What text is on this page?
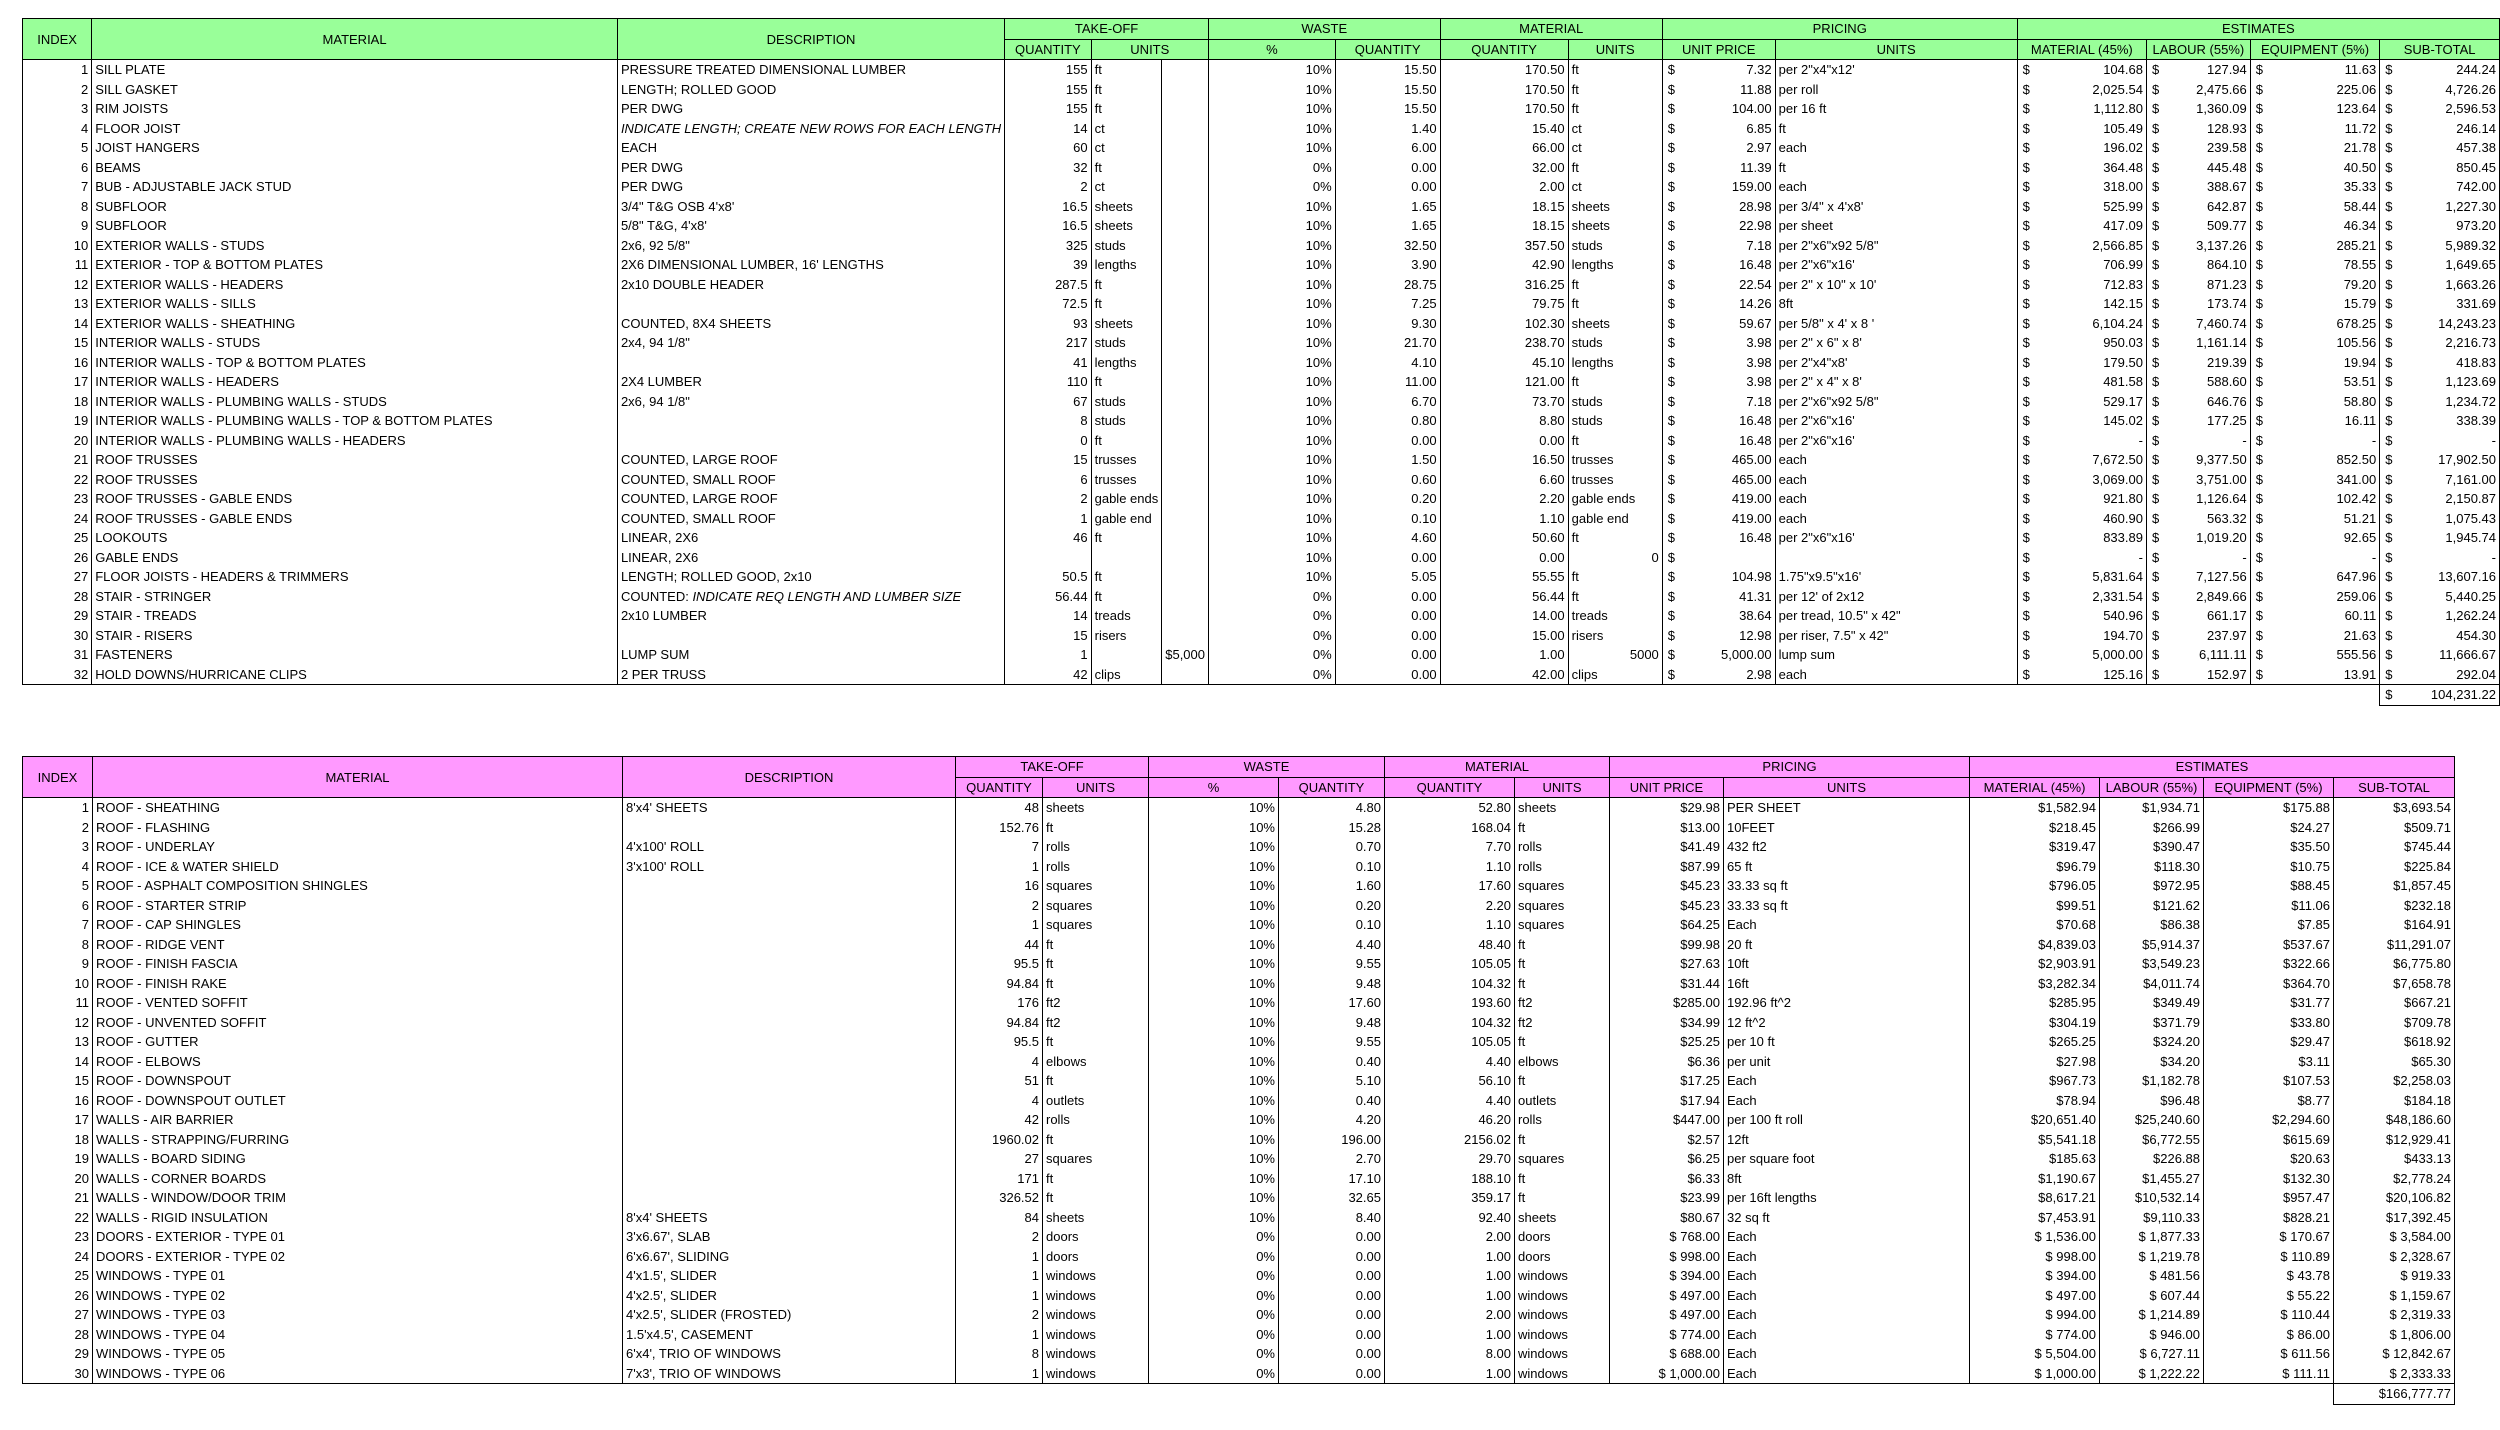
INDEX	MATERIAL	DESCRIPTION	TAKE-OFF			WASTE		MATERIAL		PRICING		ESTIMATES			
			QUANTITY	UNITS		%	QUANTITY	QUANTITY	UNITS	UNIT PRICE	UNITS	MATERIAL (45%)	LABOUR (55%)	EQUIPMENT (5%)	SUB-TOTAL
1	SILL PLATE	PRESSURE TREATED DIMENSIONAL LUMBER	155	ft		10%	15.50	170.50	ft	$ 7.32	per 2"x4"x12'	$ 104.68	$ 127.94	$ 11.63	$ 244.24

2	SILL GASKET	LENGTH; ROLLED GOOD	155	ft		10%	15.50	170.50	ft	$ 11.88	per roll	$ 2,025.54	$ 2,475.66	$ 225.06	$ 4,726.26

3	RIM JOISTS	PER DWG	155	ft		10%	15.50	170.50	ft	$ 104.00	per 16 ft	$ 1,112.80	$ 1,360.09	$ 123.64	$ 2,596.53

4	FLOOR JOIST	INDICATE LENGTH; CREATE NEW ROWS FOR EACH LENGTH	14	ct		10%	1.40	15.40	ct	$ 6.85	ft	$ 105.49	$ 128.93	$ 11.72	$ 246.14

5	JOIST HANGERS	EACH	60	ct		10%	6.00	66.00	ct	$ 2.97	each	$ 196.02	$ 239.58	$ 21.78	$ 457.38

6	BEAMS	PER DWG	32	ft		0%	0.00	32.00	ft	$ 11.39	ft	$ 364.48	$ 445.48	$ 40.50	$ 850.45

7	BUB - ADJUSTABLE JACK STUD	PER DWG	2	ct		0%	0.00	2.00	ct	$ 159.00	each	$ 318.00	$ 388.67	$ 35.33	$ 742.00

8	SUBFLOOR	3/4" T&G OSB 4'x8'	16.5	sheets		10%	1.65	18.15	sheets	$ 28.98	per 3/4" x 4'x8'	$ 525.99	$ 642.87	$ 58.44	$ 1,227.30

9	SUBFLOOR	5/8" T&G, 4'x8'	16.5	sheets		10%	1.65	18.15	sheets	$ 22.98	per sheet	$ 417.09	$ 509.77	$ 46.34	$ 973.20

10	EXTERIOR WALLS - STUDS	2x6, 92 5/8"	325	studs		10%	32.50	357.50	studs	$ 7.18	per 2"x6"x92 5/8"	$ 2,566.85	$ 3,137.26	$ 285.21	$ 5,989.32

11	EXTERIOR - TOP & BOTTOM PLATES	2X6 DIMENSIONAL LUMBER, 16' LENGTHS	39	lengths		10%	3.90	42.90	lengths	$ 16.48	per 2"x6"x16'	$ 706.99	$ 864.10	$ 78.55	$ 1,649.65

12	EXTERIOR WALLS - HEADERS	2x10 DOUBLE HEADER	287.5	ft		10%	28.75	316.25	ft	$ 22.54	per 2" x 10" x 10'	$ 712.83	$ 871.23	$ 79.20	$ 1,663.26

13	EXTERIOR WALLS - SILLS		72.5	ft		10%	7.25	79.75	ft	$ 14.26	8ft	$ 142.15	$ 173.74	$ 15.79	$ 331.69

14	EXTERIOR WALLS - SHEATHING	COUNTED, 8X4 SHEETS	93	sheets		10%	9.30	102.30	sheets	$ 59.67	per 5/8" x 4' x 8 '	$ 6,104.24	$ 7,460.74	$ 678.25	$ 14,243.23

15	INTERIOR WALLS - STUDS	2x4, 94 1/8"	217	studs		10%	21.70	238.70	studs	$ 3.98	per 2" x 6" x 8'	$ 950.03	$ 1,161.14	$ 105.56	$ 2,216.73

16	INTERIOR WALLS - TOP & BOTTOM PLATES		41	lengths		10%	4.10	45.10	lengths	$ 3.98	per 2"x4"x8'	$ 179.50	$ 219.39	$ 19.94	$ 418.83

17	INTERIOR WALLS - HEADERS	2X4 LUMBER	110	ft		10%	11.00	121.00	ft	$ 3.98	per 2" x 4" x 8'	$ 481.58	$ 588.60	$ 53.51	$ 1,123.69

18	INTERIOR WALLS - PLUMBING WALLS - STUDS	2x6, 94 1/8"	67	studs		10%	6.70	73.70	studs	$ 7.18	per 2"x6"x92 5/8"	$ 529.17	$ 646.76	$ 58.80	$ 1,234.72

19	INTERIOR WALLS - PLUMBING WALLS - TOP & BOTTOM PLATES		8	studs		10%	0.80	8.80	studs	$ 16.48	per 2"x6"x16'	$ 145.02	$ 177.25	$ 16.11	$ 338.39

20	INTERIOR WALLS - PLUMBING WALLS - HEADERS		0	ft		10%	0.00	0.00	ft	$ 16.48	per 2"x6"x16'	$ -	$ -	$ -	$ -

21	ROOF TRUSSES	COUNTED, LARGE ROOF	15	trusses		10%	1.50	16.50	trusses	$ 465.00	each	$ 7,672.50	$ 9,377.50	$ 852.50	$ 17,902.50

22	ROOF TRUSSES	COUNTED, SMALL ROOF	6	trusses		10%	0.60	6.60	trusses	$ 465.00	each	$ 3,069.00	$ 3,751.00	$ 341.00	$ 7,161.00

23	ROOF TRUSSES - GABLE ENDS	COUNTED, LARGE ROOF	2	gable ends		10%	0.20	2.20	gable ends	$ 419.00	each	$ 921.80	$ 1,126.64	$ 102.42	$ 2,150.87

24	ROOF TRUSSES - GABLE ENDS	COUNTED, SMALL ROOF	1	gable end		10%	0.10	1.10	gable end	$ 419.00	each	$ 460.90	$ 563.32	$ 51.21	$ 1,075.43

25	LOOKOUTS	LINEAR, 2X6	46	ft		10%	4.60	50.60	ft	$ 16.48	per 2"x6"x16'	$ 833.89	$ 1,019.20	$ 92.65	$ 1,945.74

26	GABLE ENDS	LINEAR, 2X6				10%	0.00	0.00	0	$		$ -	$ -	$ -	$ -

27	FLOOR JOISTS - HEADERS & TRIMMERS	LENGTH; ROLLED GOOD, 2x10	50.5	ft		10%	5.05	55.55	ft	$ 104.98	1.75"x9.5"x16'	$ 5,831.64	$ 7,127.56	$ 647.96	$ 13,607.16

28	STAIR - STRINGER	COUNTED: INDICATE REQ LENGTH AND LUMBER SIZE	56.44	ft		0%	0.00	56.44	ft	$ 41.31	per 12' of 2x12	$ 2,331.54	$ 2,849.66	$ 259.06	$ 5,440.25

29	STAIR - TREADS	2x10 LUMBER	14	treads		0%	0.00	14.00	treads	$ 38.64	per tread, 10.5" x 42"	$ 540.96	$ 661.17	$ 60.11	$ 1,262.24

30	STAIR - RISERS		15	risers		0%	0.00	15.00	risers	$ 12.98	per riser, 7.5" x 42"	$ 194.70	$ 237.97	$ 21.63	$ 454.30

31	FASTENERS	LUMP SUM	1		$5,000	0%	0.00	1.00	5000	$ 5,000.00	lump sum	$ 5,000.00	$ 6,111.11	$ 555.56	$ 11,666.67

32	HOLD DOWNS/HURRICANE CLIPS	2 PER TRUSS	42	clips		0%	0.00	42.00	clips	$ 2.98	each	$ 125.16	$ 152.97	$ 13.91	$ 292.04

															$ 104,231.22
INDEX	MATERIAL	DESCRIPTION	TAKE-OFF		WASTE		MATERIAL		PRICING		ESTIMATES			
			QUANTITY	UNITS	%	QUANTITY	QUANTITY	UNITS	UNIT PRICE	UNITS	MATERIAL (45%)	LABOUR (55%)	EQUIPMENT (5%)	SUB-TOTAL
1	ROOF - SHEATHING	8'x4' SHEETS	48	sheets	10%	4.80	52.80	sheets	$29.98	PER SHEET	$1,582.94	$1,934.71	$175.88	$3,693.54
2	ROOF - FLASHING		152.76	ft	10%	15.28	168.04	ft	$13.00	10FEET	$218.45	$266.99	$24.27	$509.71
3	ROOF - UNDERLAY	4'x100' ROLL	7	rolls	10%	0.70	7.70	rolls	$41.49	432 ft2	$319.47	$390.47	$35.50	$745.44
4	ROOF - ICE & WATER SHIELD	3'x100' ROLL	1	rolls	10%	0.10	1.10	rolls	$87.99	65 ft	$96.79	$118.30	$10.75	$225.84
5	ROOF - ASPHALT COMPOSITION SHINGLES		16	squares	10%	1.60	17.60	squares	$45.23	33.33 sq ft	$796.05	$972.95	$88.45	$1,857.45
6	ROOF - STARTER STRIP		2	squares	10%	0.20	2.20	squares	$45.23	33.33 sq ft	$99.51	$121.62	$11.06	$232.18
7	ROOF - CAP SHINGLES		1	squares	10%	0.10	1.10	squares	$64.25	Each	$70.68	$86.38	$7.85	$164.91
8	ROOF - RIDGE VENT		44	ft	10%	4.40	48.40	ft	$99.98	20 ft	$4,839.03	$5,914.37	$537.67	$11,291.07
9	ROOF - FINISH FASCIA		95.5	ft	10%	9.55	105.05	ft	$27.63	10ft	$2,903.91	$3,549.23	$322.66	$6,775.80
10	ROOF - FINISH RAKE		94.84	ft	10%	9.48	104.32	ft	$31.44	16ft	$3,282.34	$4,011.74	$364.70	$7,658.78
11	ROOF - VENTED SOFFIT		176	ft2	10%	17.60	193.60	ft2	$285.00	192.96 ft^2	$285.95	$349.49	$31.77	$667.21
12	ROOF - UNVENTED SOFFIT		94.84	ft2	10%	9.48	104.32	ft2	$34.99	12 ft^2	$304.19	$371.79	$33.80	$709.78
13	ROOF - GUTTER		95.5	ft	10%	9.55	105.05	ft	$25.25	per 10 ft	$265.25	$324.20	$29.47	$618.92
14	ROOF - ELBOWS		4	elbows	10%	0.40	4.40	elbows	$6.36	per unit	$27.98	$34.20	$3.11	$65.30
15	ROOF - DOWNSPOUT		51	ft	10%	5.10	56.10	ft	$17.25	Each	$967.73	$1,182.78	$107.53	$2,258.03
16	ROOF - DOWNSPOUT OUTLET		4	outlets	10%	0.40	4.40	outlets	$17.94	Each	$78.94	$96.48	$8.77	$184.18
17	WALLS - AIR BARRIER		42	rolls	10%	4.20	46.20	rolls	$447.00	per 100 ft roll	$20,651.40	$25,240.60	$2,294.60	$48,186.60
18	WALLS - STRAPPING/FURRING		1960.02	ft	10%	196.00	2156.02	ft	$2.57	12ft	$5,541.18	$6,772.55	$615.69	$12,929.41
19	WALLS - BOARD SIDING		27	squares	10%	2.70	29.70	squares	$6.25	per square foot	$185.63	$226.88	$20.63	$433.13
20	WALLS - CORNER BOARDS		171	ft	10%	17.10	188.10	ft	$6.33	8ft	$1,190.67	$1,455.27	$132.30	$2,778.24
21	WALLS - WINDOW/DOOR TRIM		326.52	ft	10%	32.65	359.17	ft	$23.99	per 16ft lengths	$8,617.21	$10,532.14	$957.47	$20,106.82
22	WALLS - RIGID INSULATION	8'x4' SHEETS	84	sheets	10%	8.40	92.40	sheets	$80.67	32 sq ft	$7,453.91	$9,110.33	$828.21	$17,392.45
23	DOORS - EXTERIOR - TYPE 01	3'x6.67', SLAB	2	doors	0%	0.00	2.00	doors	$ 768.00	Each	$ 1,536.00	$ 1,877.33	$ 170.67	$ 3,584.00
24	DOORS - EXTERIOR - TYPE 02	6'x6.67', SLIDING	1	doors	0%	0.00	1.00	doors	$ 998.00	Each	$ 998.00	$ 1,219.78	$ 110.89	$ 2,328.67
25	WINDOWS - TYPE 01	4'x1.5', SLIDER	1	windows	0%	0.00	1.00	windows	$ 394.00	Each	$ 394.00	$ 481.56	$ 43.78	$ 919.33
26	WINDOWS - TYPE 02	4'x2.5', SLIDER	1	windows	0%	0.00	1.00	windows	$ 497.00	Each	$ 497.00	$ 607.44	$ 55.22	$ 1,159.67
27	WINDOWS - TYPE 03	4'x2.5', SLIDER (FROSTED)	2	windows	0%	0.00	2.00	windows	$ 497.00	Each	$ 994.00	$ 1,214.89	$ 110.44	$ 2,319.33
28	WINDOWS - TYPE 04	1.5'x4.5', CASEMENT	1	windows	0%	0.00	1.00	windows	$ 774.00	Each	$ 774.00	$ 946.00	$ 86.00	$ 1,806.00
29	WINDOWS - TYPE 05	6'x4', TRIO OF WINDOWS	8	windows	0%	0.00	8.00	windows	$ 688.00	Each	$ 5,504.00	$ 6,727.11	$ 611.56	$ 12,842.67
30	WINDOWS - TYPE 06	7'x3', TRIO OF WINDOWS	1	windows	0%	0.00	1.00	windows	$ 1,000.00	Each	$ 1,000.00	$ 1,222.22	$ 111.11	$ 2,333.33
														$166,777.77
